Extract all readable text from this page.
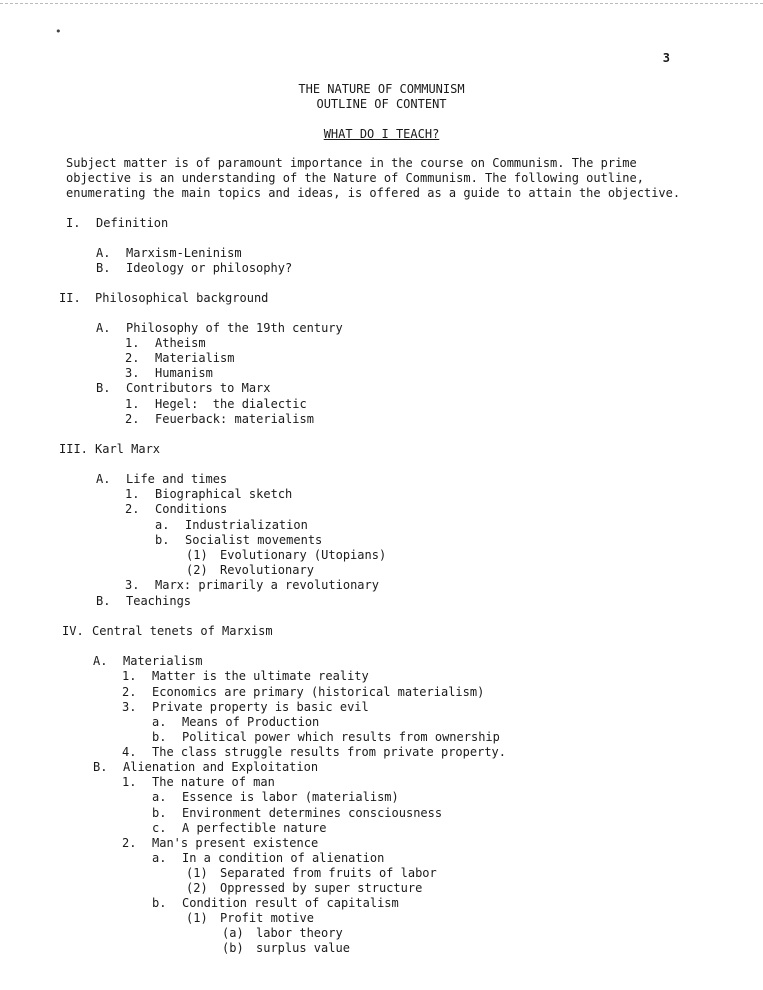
•
3
THE NATURE OF COMMUNISM
OUTLINE OF CONTENT
WHAT DO I TEACH?
Subject matter is of paramount importance in the course on Communism. The prime
objective is an understanding of the Nature of Communism. The following outline,
enumerating the main topics and ideas, is offered as a guide to attain the objective.
I. Definition
A. Marxism-Leninism
B. Ideology or philosophy?
II. Philosophical background
A. Philosophy of the 19th century
1. Atheism
2. Materialism
3. Humanism
B. Contributors to Marx
1. Hegel:  the dialectic
2. Feuerback: materialism
III. Karl Marx
A. Life and times
1. Biographical sketch
2. Conditions
a. Industrialization
b. Socialist movements
(1) Evolutionary (Utopians)
(2) Revolutionary
3. Marx: primarily a revolutionary
B. Teachings
IV. Central tenets of Marxism
A. Materialism
1. Matter is the ultimate reality
2. Economics are primary (historical materialism)
3. Private property is basic evil
a. Means of Production
b. Political power which results from ownership
4. The class struggle results from private property.
B. Alienation and Exploitation
1. The nature of man
a. Essence is labor (materialism)
b. Environment determines consciousness
c. A perfectible nature
2. Man's present existence
a. In a condition of alienation
(1) Separated from fruits of labor
(2) Oppressed by super structure
b. Condition result of capitalism
(1) Profit motive
(a) labor theory
(b) surplus value
